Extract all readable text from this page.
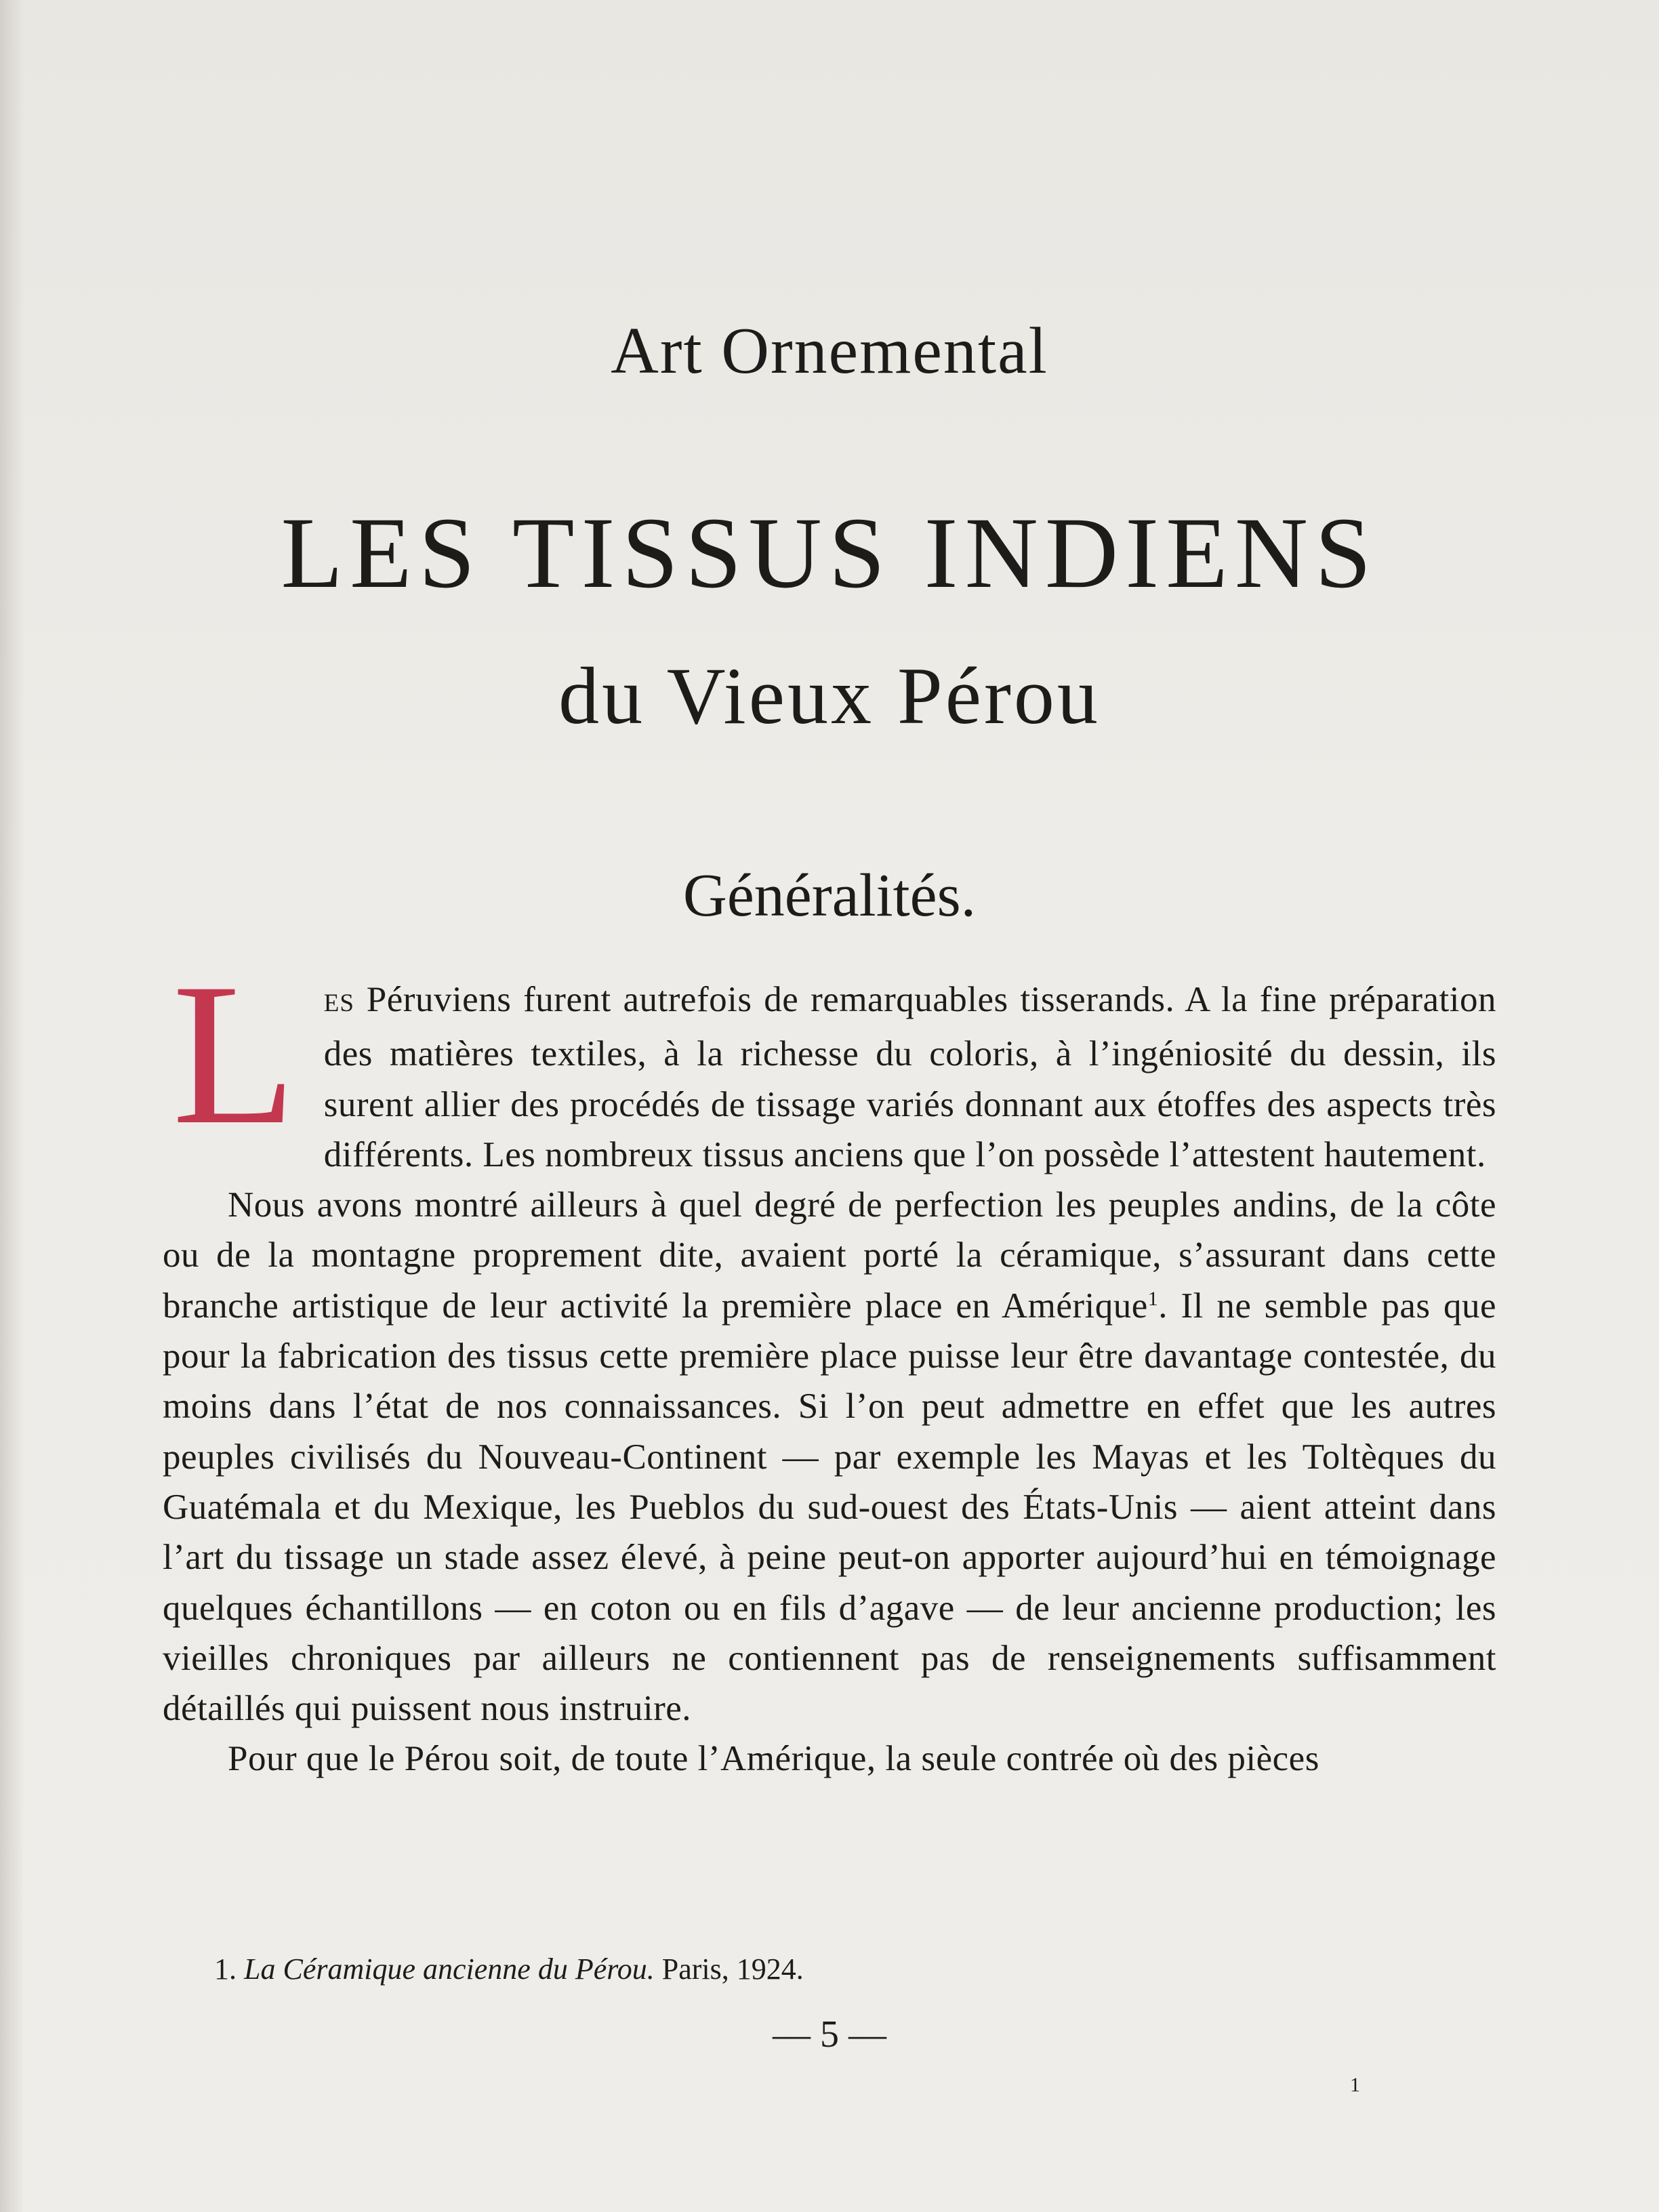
Art Ornemental
LES TISSUS INDIENS
du Vieux Pérou
Généralités.

L ES Péruviens furent autrefois de remarquables tisserands. A la fine préparation des matières textiles, à la richesse du coloris, à l’ingéniosité du dessin, ils surent allier des procédés de tissage variés donnant aux étoffes des aspects très différents. Les nombreux tissus anciens que l’on possède l’attestent hautement.

Nous avons montré ailleurs à quel degré de perfection les peuples andins, de la côte ou de la montagne proprement dite, avaient porté la céramique, s’assurant dans cette branche artistique de leur activité la première place en Amérique$^1$. Il ne semble pas que pour la fabrication des tissus cette première place puisse leur être davantage contestée, du moins dans l’état de nos connaissances. Si l’on peut admettre en effet que les autres peuples civilisés du Nouveau-Continent — par exemple les Mayas et les Toltèques du Guatémala et du Mexique, les Pueblos du sud-ouest des États-Unis — aient atteint dans l’art du tissage un stade assez élevé, à peine peut-on apporter aujourd’hui en témoignage quelques échantillons — en coton ou en fils d’agave — de leur ancienne production; les vieilles chroniques par ailleurs ne contiennent pas de renseignements suffisamment détaillés qui puissent nous instruire.

Pour que le Pérou soit, de toute l’Amérique, la seule contrée où des pièces

1. La Céramique ancienne du Pérou. Paris, 1924.
— 5 —
1
